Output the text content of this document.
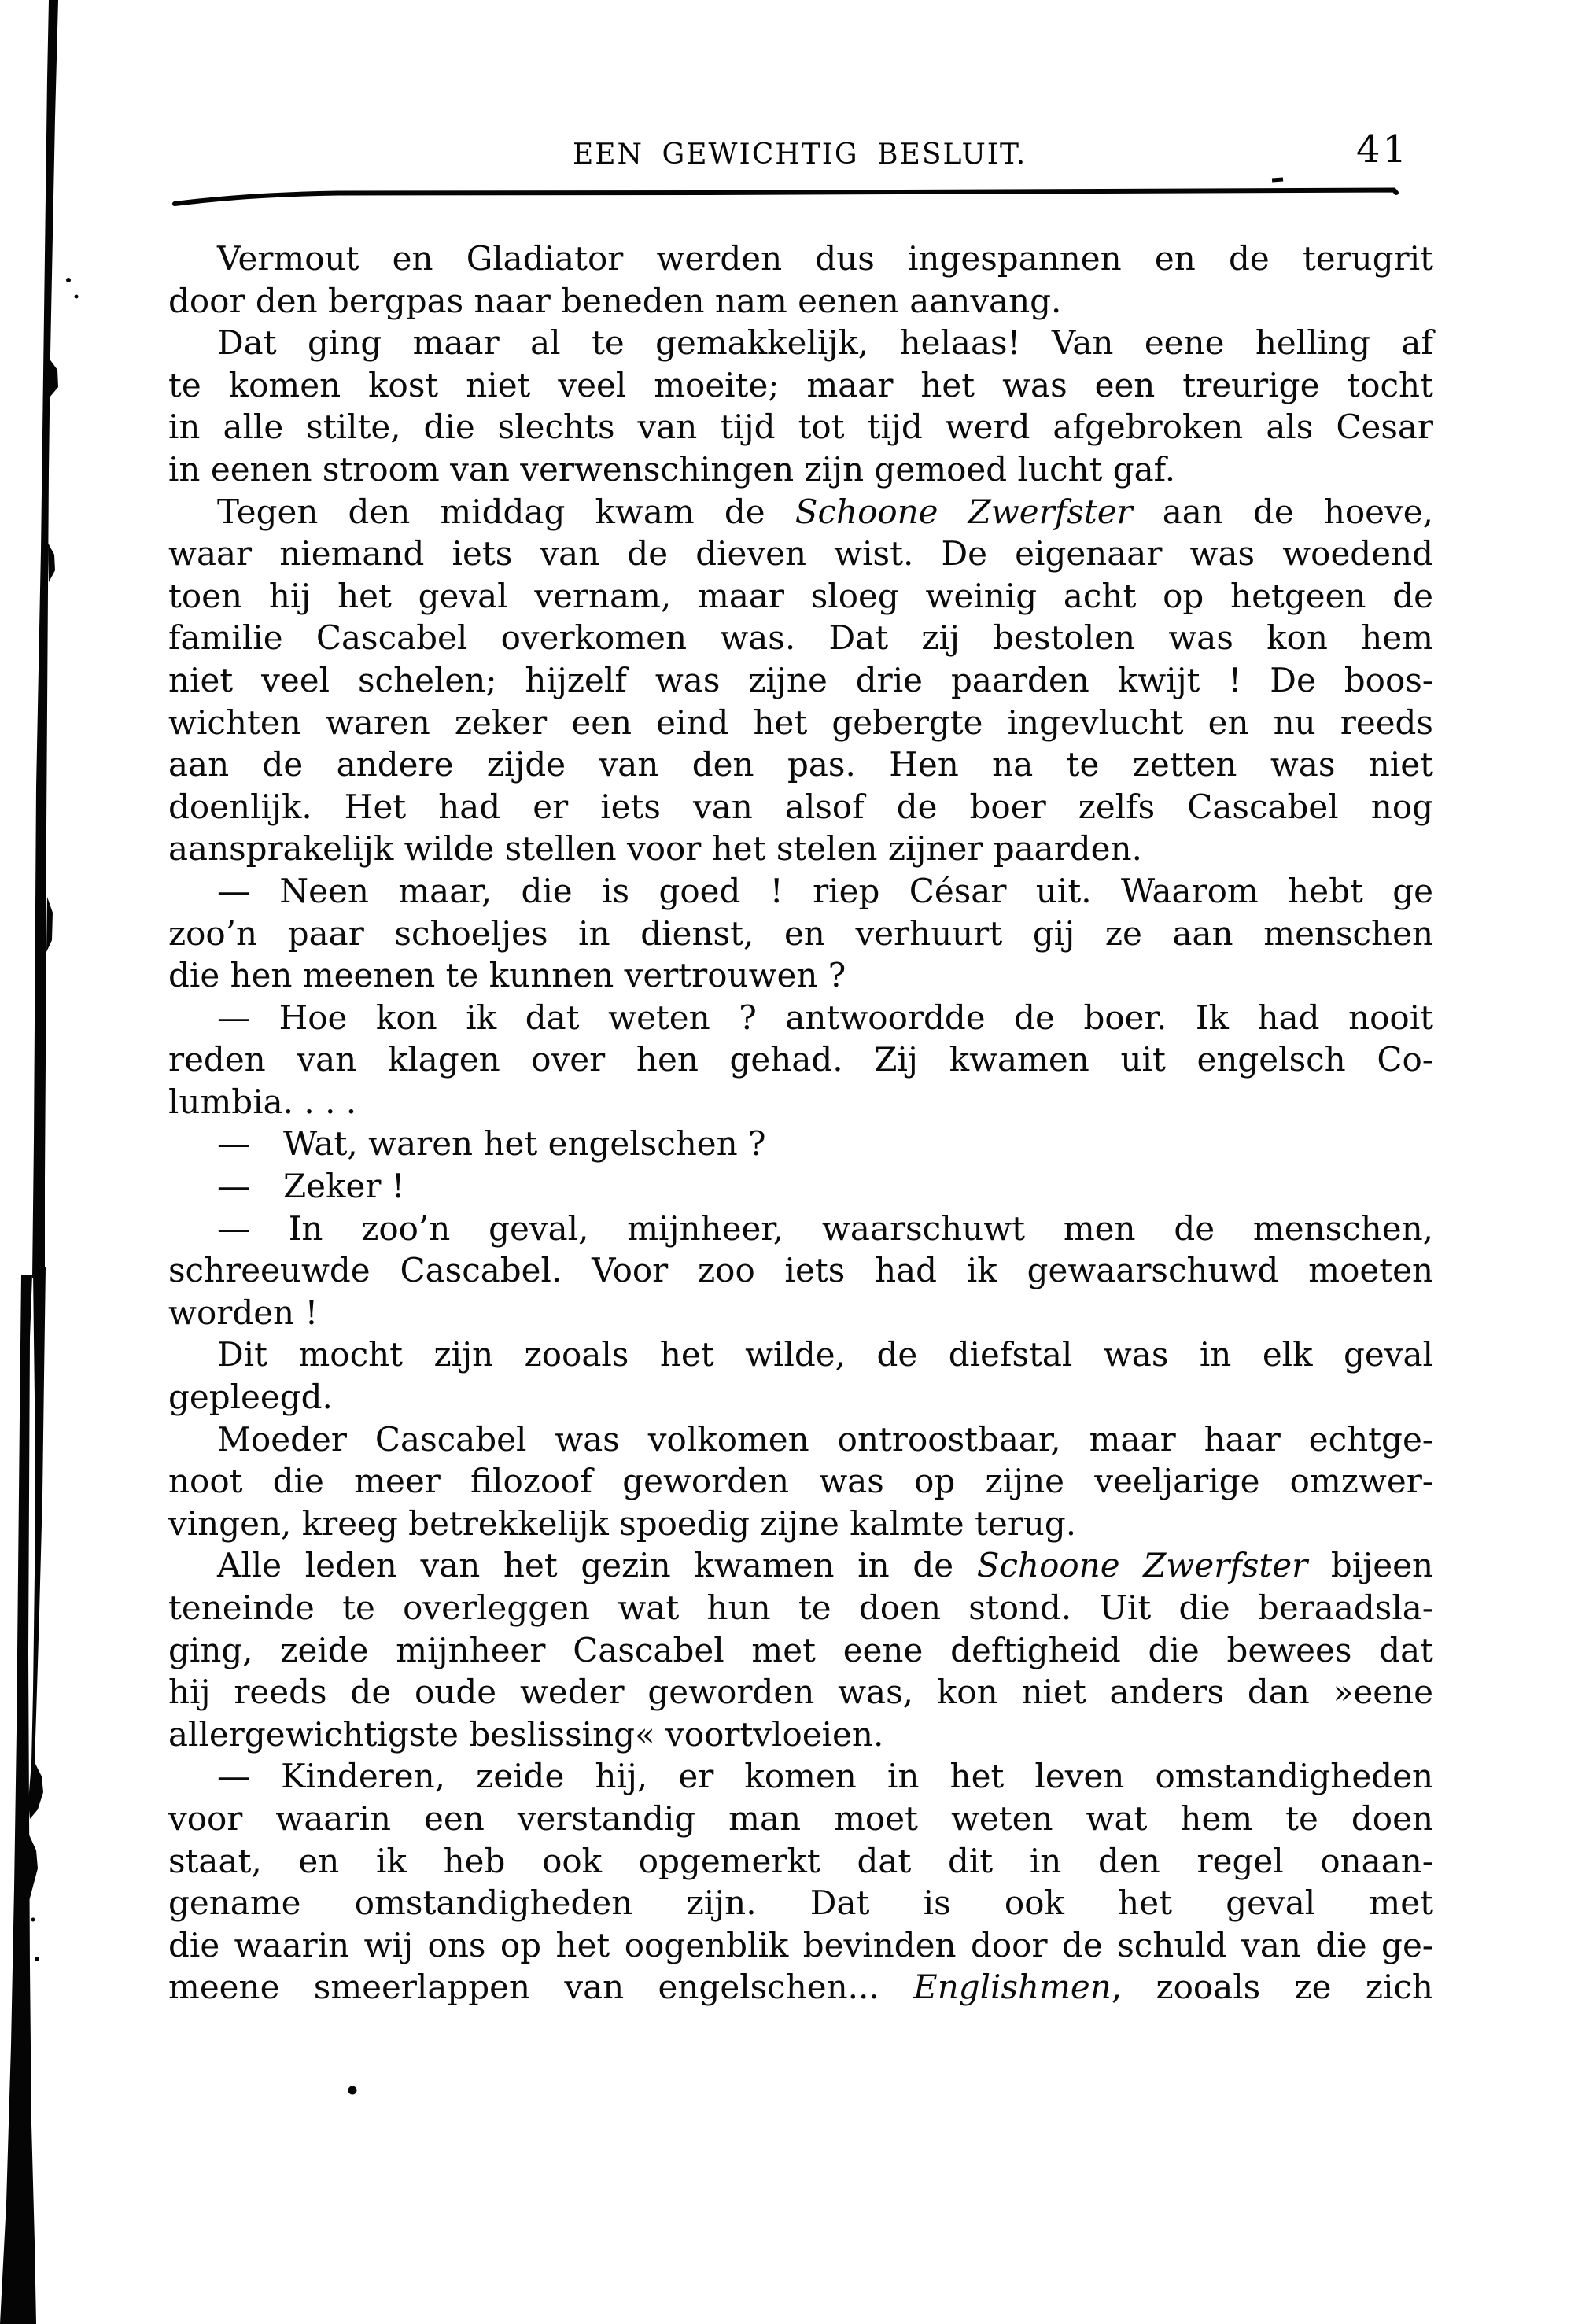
EEN GEWICHTIG BESLUIT.	41
Vermout en Gladiator werden dus ingespannen en de terugrit
door den bergpas naar beneden nam eenen aanvang.
Dat ging maar al te gemakkelijk, helaas! Van eene helling af
te komen kost niet veel moeite; maar het was een treurige tocht
in alle stilte, die slechts van tijd tot tijd werd afgebroken als Cesar
in eenen stroom van verwenschingen zijn gemoed lucht gaf.
Tegen den middag kwam de Schoone Zwerfster aan de hoeve,
waar niemand iets van de dieven wist. De eigenaar was woedend
toen hij het geval vernam, maar sloeg weinig acht op hetgeen de
familie Cascabel overkomen was. Dat zij bestolen was kon hem
niet veel schelen; hijzelf was zijne drie paarden kwijt ! De boos-
wichten waren zeker een eind het gebergte ingevlucht en nu reeds
aan de andere zijde van den pas. Hen na te zetten was niet
doenlijk. Het had er iets van alsof de boer zelfs Cascabel nog
aansprakelijk wilde stellen voor het stelen zijner paarden.
— Neen maar, die is goed ! riep César uit. Waarom hebt ge
zoo’n paar schoeljes in dienst, en verhuurt gij ze aan menschen
die hen meenen te kunnen vertrouwen ?
— Hoe kon ik dat weten ? antwoordde de boer. Ik had nooit
reden van klagen over hen gehad. Zij kwamen uit engelsch Co-
lumbia. . . .
— Wat, waren het engelschen ?
— Zeker !
— In zoo’n geval, mijnheer, waarschuwt men de menschen,
schreeuwde Cascabel. Voor zoo iets had ik gewaarschuwd moeten
worden !
Dit mocht zijn zooals het wilde, de diefstal was in elk geval
gepleegd.
Moeder Cascabel was volkomen ontroostbaar, maar haar echtge-
noot die meer filozoof geworden was op zijne veeljarige omzwer-
vingen, kreeg betrekkelijk spoedig zijne kalmte terug.
Alle leden van het gezin kwamen in de Schoone Zwerfster bijeen
teneinde te overleggen wat hun te doen stond. Uit die beraadsla-
ging, zeide mijnheer Cascabel met eene deftigheid die bewees dat
hij reeds de oude weder geworden was, kon niet anders dan »eene
allergewichtigste beslissing« voortvloeien.
— Kinderen, zeide hij, er komen in het leven omstandigheden
voor waarin een verstandig man moet weten wat hem te doen
staat, en ik heb ook opgemerkt dat dit in den regel onaan-
gename omstandigheden zijn. Dat is ook het geval met
die waarin wij ons op het oogenblik bevinden door de schuld van die ge-
meene smeerlappen van engelschen... Englishmen, zooals ze zich
